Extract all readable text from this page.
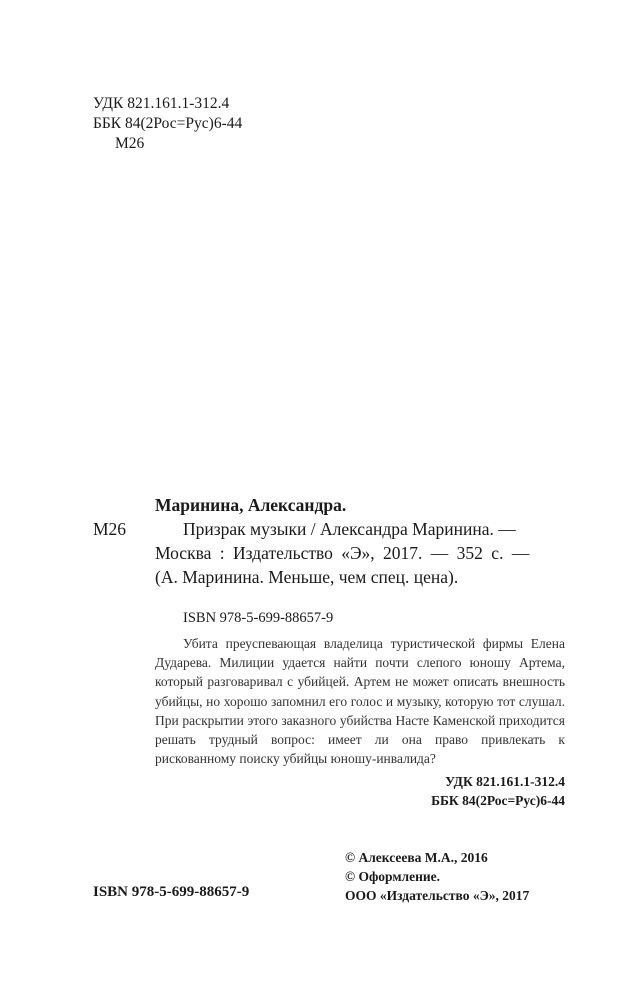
УДК 821.161.1-312.4
ББК 84(2Рос=Рус)6-44
М26
Маринина, Александра.
М26	Призрак музыки / Александра Маринина. —
Москва : Издательство «Э», 2017. — 352 с. —
(А. Маринина. Меньше, чем спец. цена).
ISBN 978-5-699-88657-9

Убита преуспевающая владелица туристической фирмы Елена Дударева. Милиции удается найти почти слепого юношу Артема, который разговаривал с убийцей. Артем не может описать внешность убийцы, но хорошо запомнил его голос и музыку, которую тот слушал. При раскрытии этого заказного убийства Насте Каменской приходится решать трудный вопрос: имеет ли она право привлекать к рискованному поиску убийцы юношу-инвалида?

УДК 821.161.1-312.4
ББК 84(2Рос=Рус)6-44
© Алексеева М.А., 2016
© Оформление.
ООО «Издательство «Э», 2017
ISBN 978-5-699-88657-9
